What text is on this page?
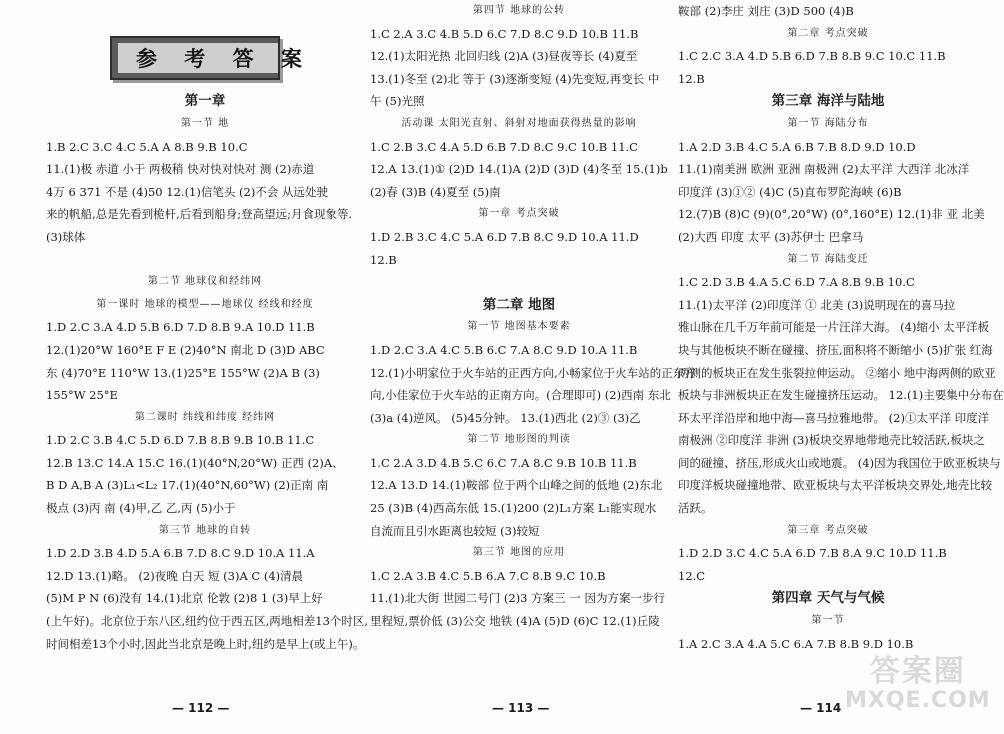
参 考 答 案

第一章
第一节 地
1.B 2.C 3.C 4.C 5.A A 8.B 9.B 10.C
11.(1)极 赤道 小于 两极稍 快对快对快对 测 (2)赤道
4万 6 371 不是 (4)50 12.(1)信笔头 (2)不会 从远处驶
来的帆船,总是先看到桅杆,后看到船身;登高望远;月食现象等.
(3)球体

第二节 地球仪和经纬网
第一课时 地球的模型——地球仪 经线和经度
1.D 2.C 3.A 4.D 5.B 6.D 7.D 8.B 9.A 10.D 11.B
12.(1)20°W 160°E F E (2)40°N 南北 D (3)D ABC
东 (4)70°E 110°W 13.(1)25°E 155°W (2)A B (3)
155°W 25°E
第二课时 纬线和纬度 经纬网
1.D 2.C 3.B 4.C 5.D 6.D 7.B 8.B 9.B 10.B 11.C
12.B 13.C 14.A 15.C 16.(1)(40°N,20°W) 正西 (2)A、
B D A,B A (3)L₁<L₂ 17.(1)(40°N,60°W) (2)正南 南
极点 (3)丙 南 (4)甲,乙 乙,丙 (5)小于
第三节 地球的自转
1.D 2.D 3.B 4.D 5.A 6.B 7.D 8.C 9.D 10.A 11.A
12.D 13.(1)略。 (2)夜晚 白天 短 (3)A C (4)清晨
(5)M P N (6)没有 14.(1)北京 伦敦 (2)8 1 (3)早上好
(上午好)。北京位于东八区,纽约位于西五区,两地相差13个时区,
时间相差13个小时,因此当北京是晚上时,纽约是早上(或上午)。
第四节 地球的公转
1.C 2.A 3.C 4.B 5.D 6.C 7.D 8.C 9.D 10.B 11.B
12.(1)太阳光热 北回归线 (2)A (3)昼夜等长 (4)夏至
13.(1)冬至 (2)北 等于 (3)逐渐变短 (4)先变短,再变长 中
午 (5)光照
活动课 太阳光直射、斜射对地面获得热量的影响
1.C 2.B 3.C 4.A 5.D 6.B 7.D 8.C 9.C 10.B 11.C
12.A 13.(1)① (2)D 14.(1)A (2)D (3)D (4)冬至 15.(1)b
(2)春 (3)B (4)夏至 (5)南
第一章 考点突破
1.D 2.B 3.C 4.C 5.A 6.D 7.B 8.C 9.D 10.A 11.D
12.B

第二章 地图
第一节 地图基本要素
1.D 2.C 3.A 4.C 5.B 6.C 7.A 8.C 9.D 10.A 11.B
12.(1)小明家位于火车站的正西方向,小畅家位于火车站的正东方
向,小佳家位于火车站的正南方向。(合理即可) (2)西南 东北
(3)a (4)逆风。 (5)45分钟。 13.(1)西北 (2)③ (3)乙
第二节 地形图的判读
1.C 2.A 3.D 4.B 5.C 6.C 7.A 8.C 9.B 10.B 11.B
12.A 13.D 14.(1)鞍部 位于两个山峰之间的低地 (2)东北
25 (3)B (4)西高东低 15.(1)200 (2)L₁方案 L₁能实现水
自流而且引水距离也较短 (3)较短
第三节 地图的应用
1.C 2.A 3.B 4.C 5.B 6.A 7.C 8.B 9.C 10.B
11.(1)北大街 世园二号门 (2)3 方案三 一 因为方案一步行
里程短,票价低 (3)公交 地铁 (4)A (5)D (6)C 12.(1)丘陵

鞍部 (2)李庄 刘庄 (3)D 500 (4)B
第二章 考点突破
1.C 2.C 3.A 4.D 5.B 6.D 7.B 8.B 9.C 10.C 11.B
12.B
第三章 海洋与陆地
第一节 海陆分布
1.A 2.D 3.B 4.C 5.A 6.B 7.B 8.D 9.D 10.D
11.(1)南美洲 欧洲 亚洲 南极洲 (2)太平洋 大西洋 北冰洋
印度洋 (3)①② (4)C (5)直布罗陀海峡 (6)B
12.(7)B (8)C (9)(0°,20°W) (0°,160°E) 12.(1)非 亚 北美
(2)大西 印度 太平 (3)苏伊士 巴拿马
第二节 海陆变迁
1.C 2.D 3.B 4.A 5.C 6.D 7.A 8.B 9.B 10.C
11.(1)太平洋 (2)印度洋 ① 北美 (3)说明现在的喜马拉
雅山脉在几千万年前可能是一片汪洋大海。 (4)缩小 太平洋板
块与其他板块不断在碰撞、挤压,面积将不断缩小 (5)扩张 红海
两侧的板块正在发生张裂拉伸运动。 ②缩小 地中海两侧的欧亚
板块与非洲板块正在发生碰撞挤压运动。 12.(1)主要集中分布在
环太平洋沿岸和地中海—喜马拉雅地带。 (2)①太平洋 印度洋
南极洲 ②印度洋 非洲 (3)板块交界地带地壳比较活跃,板块之
间的碰撞、挤压,形成火山或地震。 (4)因为我国位于欧亚板块与
印度洋板块碰撞地带、欧亚板块与太平洋板块交界处,地壳比较
活跃。
第三章 考点突破
1.D 2.D 3.C 4.C 5.A 6.D 7.B 8.A 9.C 10.D 11.B
12.C
第四章 天气与气候
第一节
1.A 2.C 3.A 4.A 5.C 6.A 7.B 8.B 9.D 10.B
— 112 —	— 113 —	— 114
答案圈
MXQE.COM
